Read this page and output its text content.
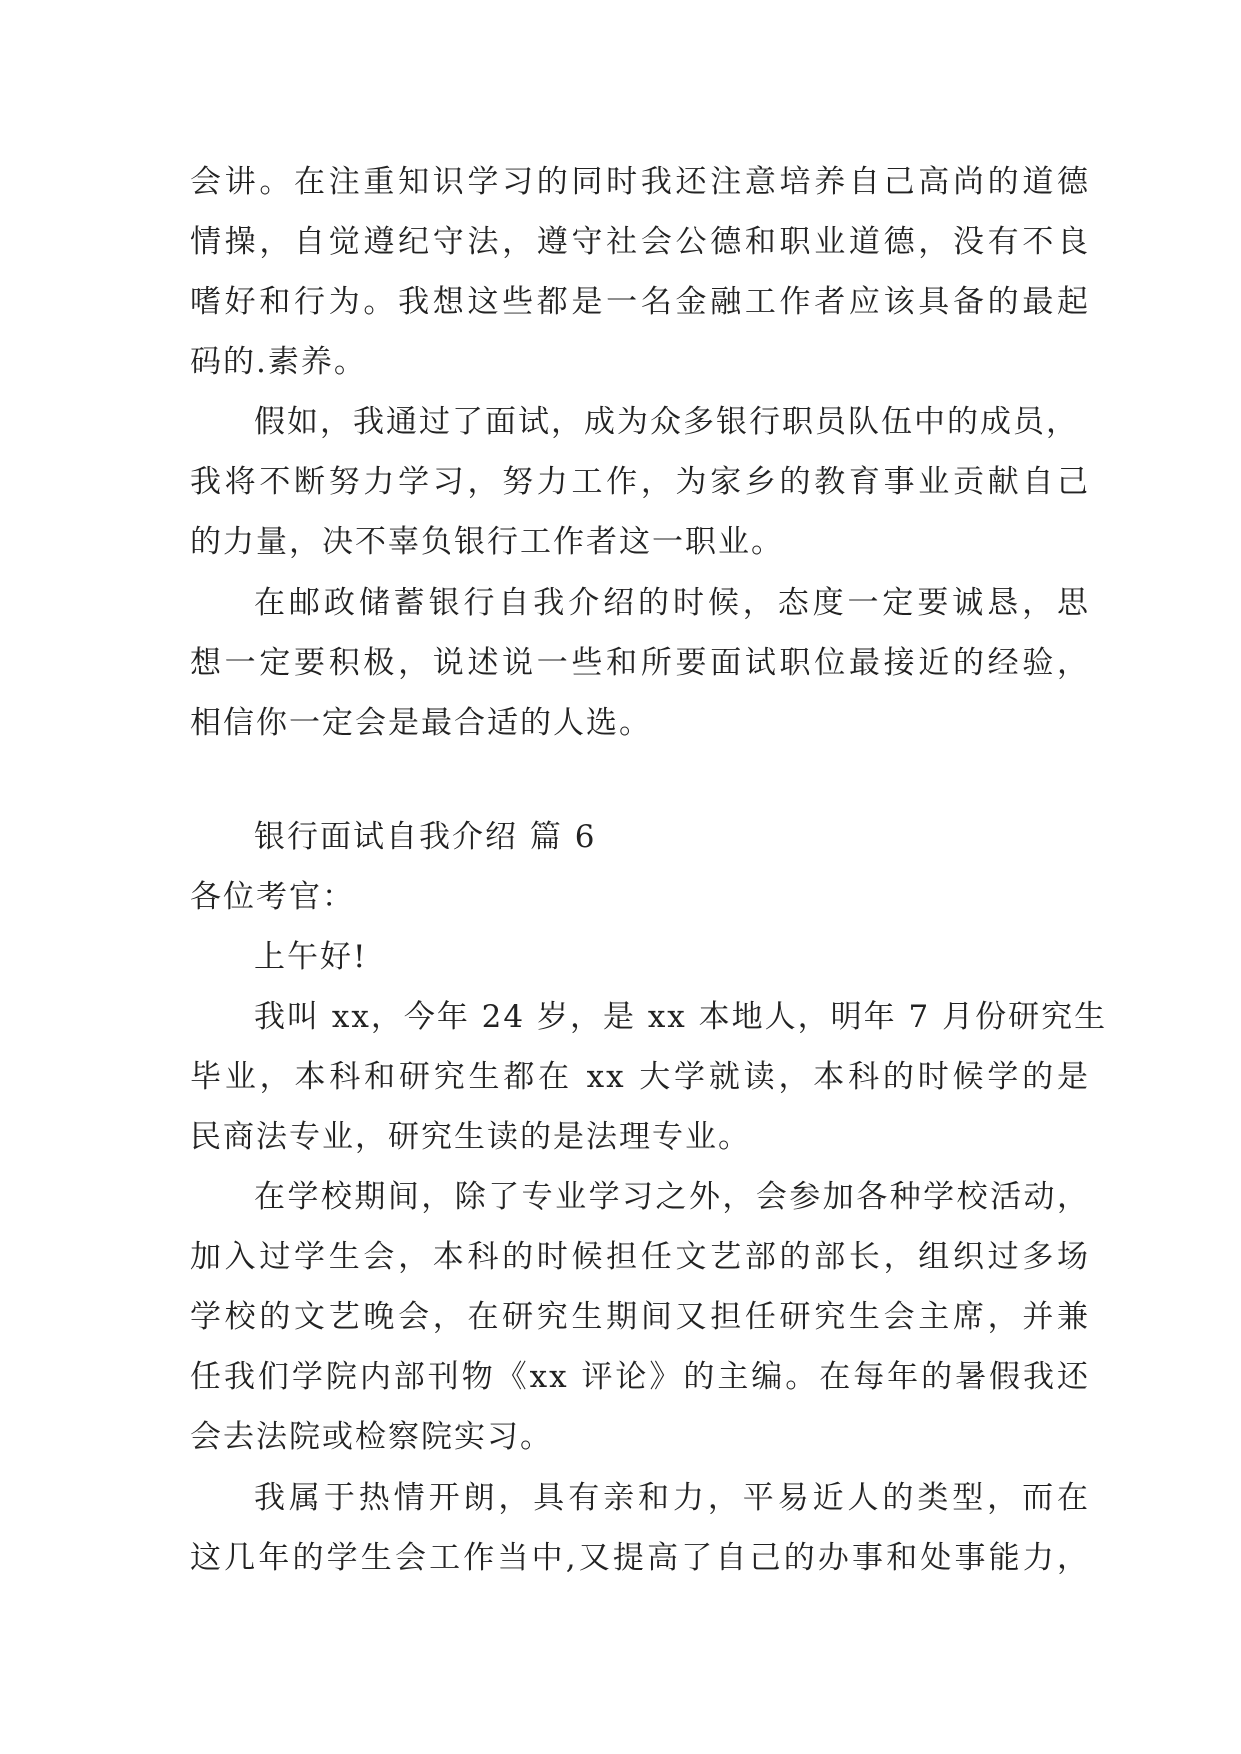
会讲。在注重知识学习的同时我还注意培养自己高尚的道德
情操，自觉遵纪守法，遵守社会公德和职业道德，没有不良
嗜好和行为。我想这些都是一名金融工作者应该具备的最起
码的.素养。
假如，我通过了面试，成为众多银行职员队伍中的成员，
我将不断努力学习，努力工作，为家乡的教育事业贡献自己
的力量，决不辜负银行工作者这一职业。
在邮政储蓄银行自我介绍的时候，态度一定要诚恳，思
想一定要积极，说述说一些和所要面试职位最接近的经验，
相信你一定会是最合适的人选。
银行面试自我介绍 篇 6
各位考官：
上午好!
我叫 xx，今年 24 岁，是 xx 本地人，明年 7 月份研究生
毕业，本科和研究生都在 xx 大学就读，本科的时候学的是
民商法专业，研究生读的是法理专业。
在学校期间，除了专业学习之外，会参加各种学校活动，
加入过学生会，本科的时候担任文艺部的部长，组织过多场
学校的文艺晚会，在研究生期间又担任研究生会主席，并兼
任我们学院内部刊物《xx 评论》的主编。在每年的暑假我还
会去法院或检察院实习。
我属于热情开朗，具有亲和力，平易近人的类型，而在
这几年的学生会工作当中,又提高了自己的办事和处事能力，
